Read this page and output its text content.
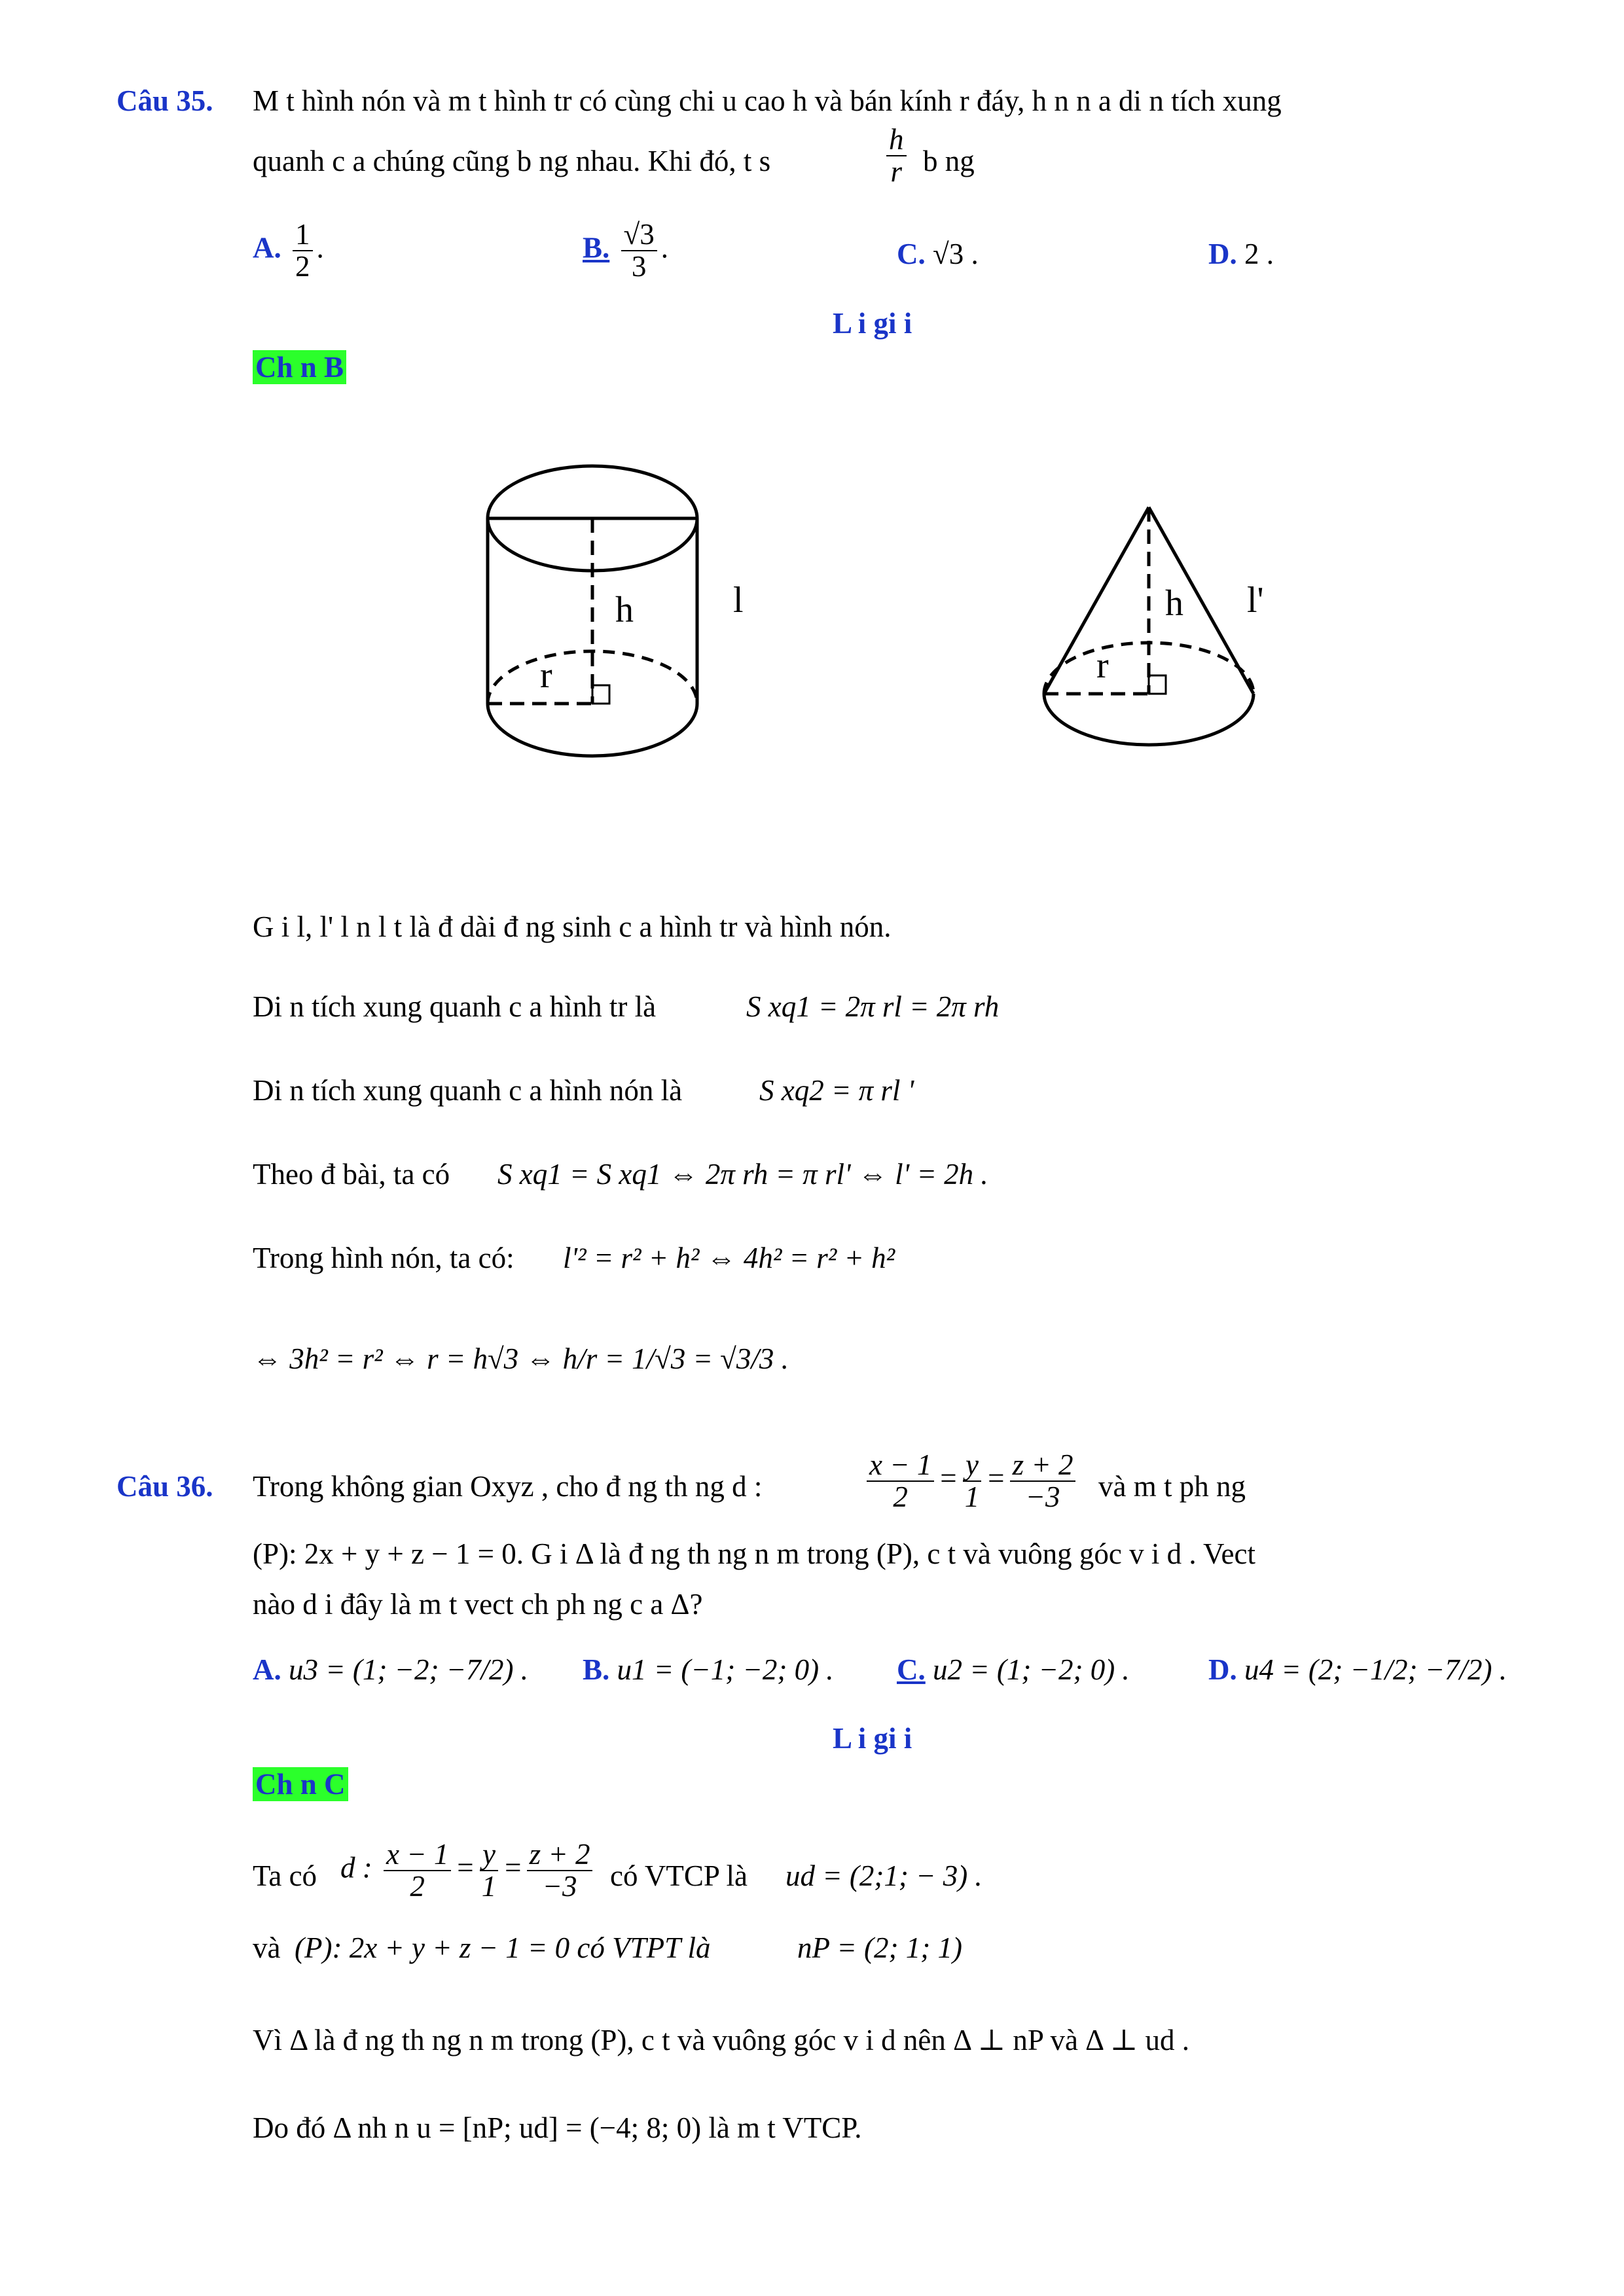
Câu 35. M t hình nón và m t hình tr có cùng chi u cao h và bán kính r đáy, h n n a di n tích xung
quanh c a chúng cũng b ng nhau. Khi đó, t s	$\frac{h}{r}$ b ng
A. $\frac{1}{2}$ .	B. $\frac{√3}{3}$ .	C. √3 .	D. 2 .
L i gi i
Ch n B
h
r
l	h
r
l'
G i l, l' l n l t là đ dài đ ng sinh c a hình tr và hình nón.
Di n tích xung quanh c a hình tr là	S xq1 = 2π rl = 2π rh
Di n tích xung quanh c a hình nón là	S xq2 = π rl '
Theo đ bài, ta có S xq1 = S xq1 ⇔ 2π rh = π rl' ⇔ l' = 2h .
Trong hình nón, ta có: l'² = r² + h² ⇔ 4h² = r² + h²
⇔ 3h² = r² ⇔ r = h√3 ⇔ h/r = 1/√3 = √3/3 .
Câu 36. Trong không gian Oxyz , cho đ ng th ng d :	$\frac{x - 1}{2} = \frac{y}{1} = \frac{z + 2}{-3}$ và m t ph ng
(P): 2x + y + z − 1 = 0. G i Δ là đ ng th ng n m trong (P), c t và vuông góc v i d . Vect
nào d i đây là m t vect ch ph ng c a Δ?
A. u3 = (1; −2; −7/2) . B. u1 = (−1; −2; 0) . C. u2 = (1; −2; 0) .	D. u4 = (2; −1/2; −7/2) .
L i gi i
Ch n C
Ta có d : $\frac{x - 1}{2} = \frac{y}{1} = \frac{z + 2}{-3}$ có VTCP là ud = (2;1; − 3) .
và (P): 2x + y + z − 1 = 0 có VTPT là	nP = (2; 1; 1)
Vì Δ là đ ng th ng n m trong (P), c t và vuông góc v i d nên Δ ⊥ nP và Δ ⊥ ud .
Do đó Δ nh n u = [nP; ud] = (−4; 8; 0) là m t VTCP.
